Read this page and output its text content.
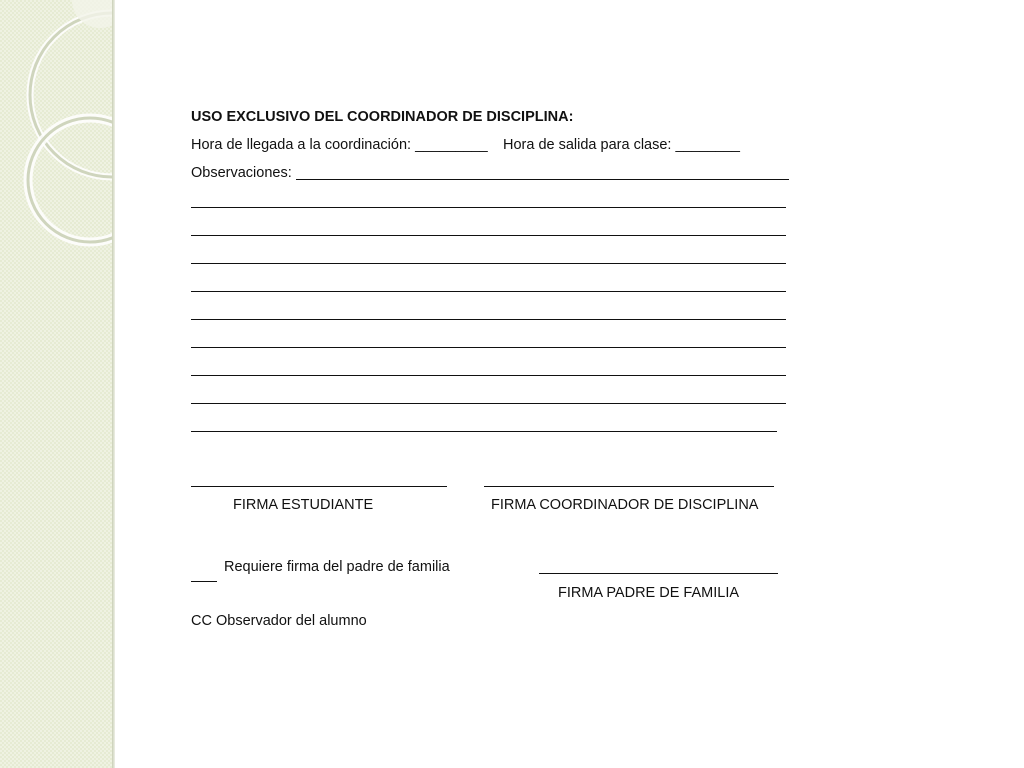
USO EXCLUSIVO DEL COORDINADOR DE DISCIPLINA:
Hora de llegada a la coordinación: _________ Hora de salida para clase: ________
Observaciones:
FIRMA ESTUDIANTE	FIRMA COORDINADOR DE DISCIPLINA
Requiere firma del padre de familia
FIRMA PADRE DE FAMILIA
CC Observador del alumno
